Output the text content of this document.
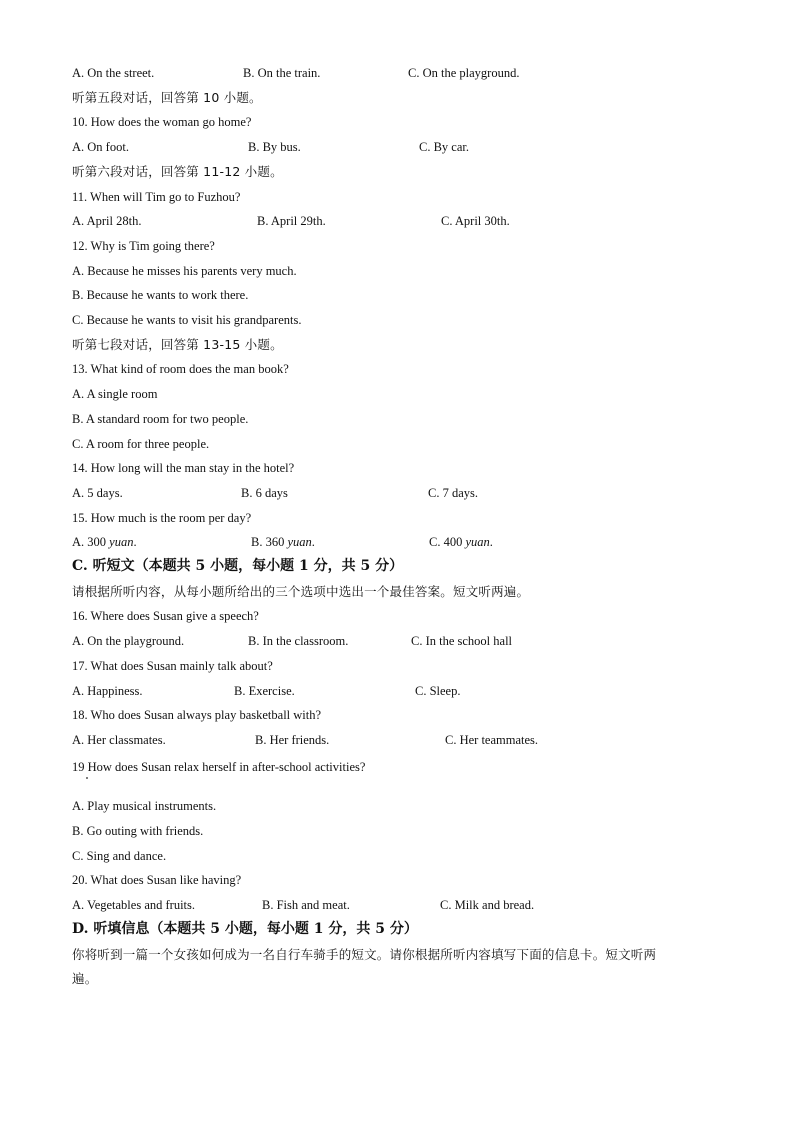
A. On the street.	B. On the train.	C. On the playground.
听第五段对话，回答第 10 小题。
10. How does the woman go home?
A. On foot.	B. By bus.	C. By car.
听第六段对话，回答第 11-12 小题。
11. When will Tim go to Fuzhou?
A. April 28th.	B. April 29th.	C. April 30th.
12. Why is Tim going there?
A. Because he misses his parents very much.
B. Because he wants to work there.
C. Because he wants to visit his grandparents.
听第七段对话，回答第 13-15 小题。
13. What kind of room does the man book?
A. A single room
B. A standard room for two people.
C. A room for three people.
14. How long will the man stay in the hotel?
A. 5 days.	B. 6 days	C. 7 days.
15. How much is the room per day?
A. 300 yuan.	B. 360 yuan.	C. 400 yuan.
C. 听短文（本题共 5 小题，每小题 1 分，共 5 分）
请根据所听内容，从每小题所给出的三个选项中选出一个最佳答案。短文听两遍。
16. Where does Susan give a speech?
A. On the playground.	B. In the classroom.	C. In the school hall
17. What does Susan mainly talk about?
A. Happiness.	B. Exercise.	C. Sleep.
18. Who does Susan always play basketball with?
A. Her classmates.	B. Her friends.	C. Her teammates.
19 How does Susan relax herself in after-school activities?
A. Play musical instruments.
B. Go outing with friends.
C. Sing and dance.
20. What does Susan like having?
A. Vegetables and fruits.	B. Fish and meat.	C. Milk and bread.
D. 听填信息（本题共 5 小题，每小题 1 分，共 5 分）
你将听到一篇一个女孩如何成为一名自行车骑手的短文。请你根据所听内容填写下面的信息卡。短文听两
遍。
